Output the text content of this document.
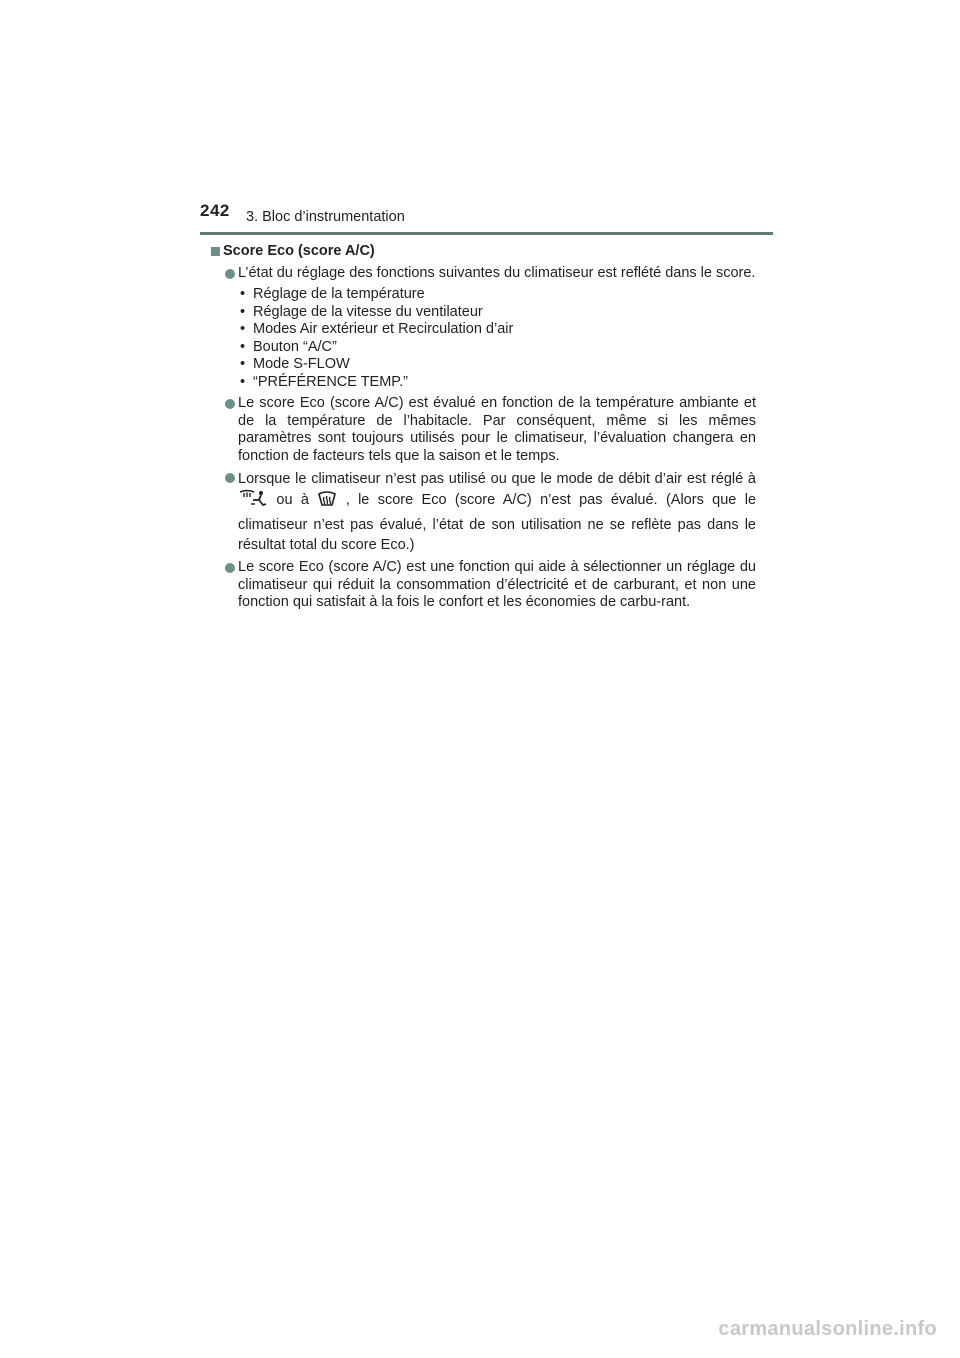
242 3. Bloc d’instrumentation
Score Eco (score A/C)
L’état du réglage des fonctions suivantes du climatiseur est reflété dans le score.
• Réglage de la température
• Réglage de la vitesse du ventilateur
• Modes Air extérieur et Recirculation d’air
• Bouton “A/C”
• Mode S-FLOW
• “PRÉFÉRENCE TEMP.”
Le score Eco (score A/C) est évalué en fonction de la température ambiante et de la température de l’habitacle. Par conséquent, même si les mêmes paramètres sont toujours utilisés pour le climatiseur, l’évaluation changera en fonction de facteurs tels que la saison et le temps.
Lorsque le climatiseur n’est pas utilisé ou que le mode de débit d’air est réglé à  ou à	, le score Eco (score A/C) n’est pas évalué. (Alors que le climatiseur n’est pas évalué, l’état de son utilisation ne se reflète pas dans le résultat total du score Eco.)
Le score Eco (score A/C) est une fonction qui aide à sélectionner un réglage du climatiseur qui réduit la consommation d’électricité et de carburant, et non une fonction qui satisfait à la fois le confort et les économies de carbu-rant.
carmanualsonline.info
